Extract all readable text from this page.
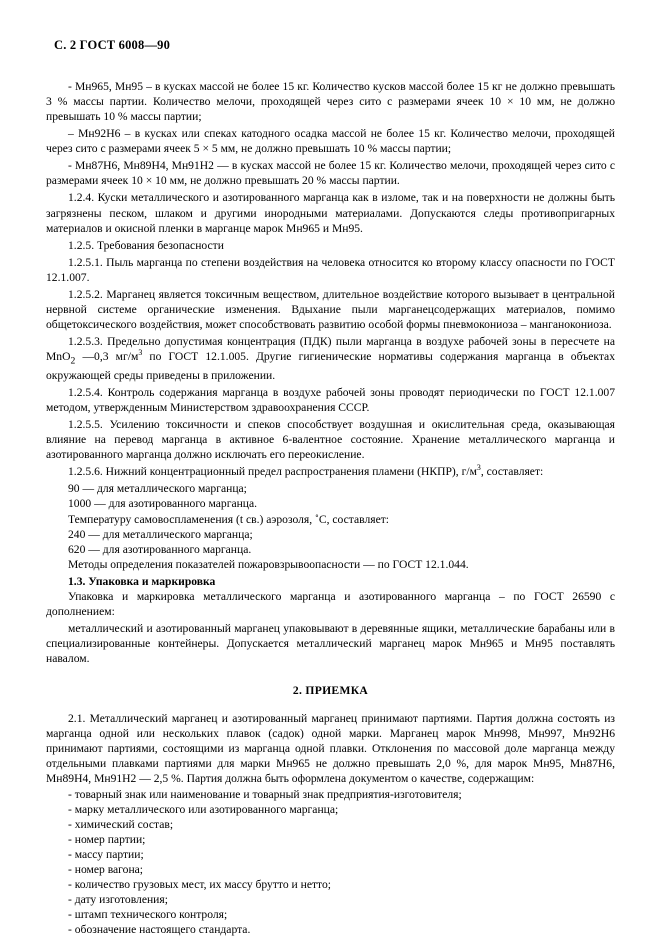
С. 2 ГОСТ 6008—90

- Мн965, Мн95 – в кусках массой не более 15 кг. Количество кусков массой более 15 кг не должно превышать 3 % массы партии. Количество мелочи, проходящей через сито с размерами ячеек 10 × 10 мм, не должно превышать 10 % массы партии;

– Мн92Н6 – в кусках или спеках катодного осадка массой не более 15 кг. Количество мелочи, проходящей через сито с размерами ячеек 5 × 5 мм, не должно превышать 10 % массы партии;

- Мн87Н6, Мн89Н4, Мн91Н2 — в кусках массой не более 15 кг. Количество мелочи, проходящей через сито с размерами ячеек 10 × 10 мм, не должно превышать 20 % массы партии.

1.2.4. Куски металлического и азотированного марганца как в изломе, так и на поверхности не должны быть загрязнены песком, шлаком и другими инородными материалами. Допускаются следы противопригарных материалов и окисной пленки в марганце марок Мн965 и Мн95.

1.2.5. Требования безопасности

1.2.5.1. Пыль марганца по степени воздействия на человека относится ко второму классу опасности по ГОСТ 12.1.007.

1.2.5.2. Марганец является токсичным веществом, длительное воздействие которого вызывает в центральной нервной системе органические изменения. Вдыхание пыли марганецсодержащих материалов, помимо общетоксического воздействия, может способствовать развитию особой формы пневмокониоза – манганокониоза.

1.2.5.3. Предельно допустимая концентрация (ПДК) пыли марганца в воздухе рабочей зоны в пересчете на MnO$_2$ —0,3 $мг/м^3$ по ГОСТ 12.1.005. Другие гигиенические нормативы содержания марганца в объектах окружающей среды приведены в приложении.

1.2.5.4. Контроль содержания марганца в воздухе рабочей зоны проводят периодически по ГОСТ 12.1.007 методом, утвержденным Министерством здравоохранения СССР.

1.2.5.5. Усилению токсичности и спеков способствует воздушная и окислительная среда, оказывающая влияние на перевод марганца в активное 6-валентное состояние. Хранение металлического марганца и азотированного марганца должно исключать его переокисление.

1.2.5.6. Нижний концентрационный предел распространения пламени (НКПР), $г/м^3$, составляет:

90 — для металлического марганца;

1000 — для азотированного марганца.

Температуру самовоспламенения (t св.) аэрозоля, ˚С, составляет:

240 — для металлического марганца;

620 — для азотированного марганца.

Методы определения показателей пожаровзрывоопасности — по ГОСТ 12.1.044.

1.3. Упаковка и маркировка

Упаковка и маркировка металлического марганца и азотированного марганца – по ГОСТ 26590 с дополнением:

металлический и азотированный марганец упаковывают в деревянные ящики, металлические барабаны или в специализированные контейнеры. Допускается металлический марганец марок Мн965 и Мн95 поставлять навалом.

2. ПРИЕМКА

2.1. Металлический марганец и азотированный марганец принимают партиями. Партия должна состоять из марганца одной или нескольких плавок (садок) одной марки. Марганец марок Мн998, Мн997, Мн92Н6 принимают партиями, состоящими из марганца одной плавки. Отклонения по массовой доле марганца между отдельными плавками партиями для марки Мн965 не должно превышать 2,0 %, для марок Мн95, Мн87Н6, Мн89Н4, Мн91Н2 — 2,5 %. Партия должна быть оформлена документом о качестве, содержащим:

- товарный знак или наименование и товарный знак предприятия-изготовителя;

- марку металлического или азотированного марганца;

- химический состав;

- номер партии;

- массу партии;

- номер вагона;

- количество грузовых мест, их массу брутто и нетто;

- дату изготовления;

- штамп технического контроля;

- обозначение настоящего стандарта.
